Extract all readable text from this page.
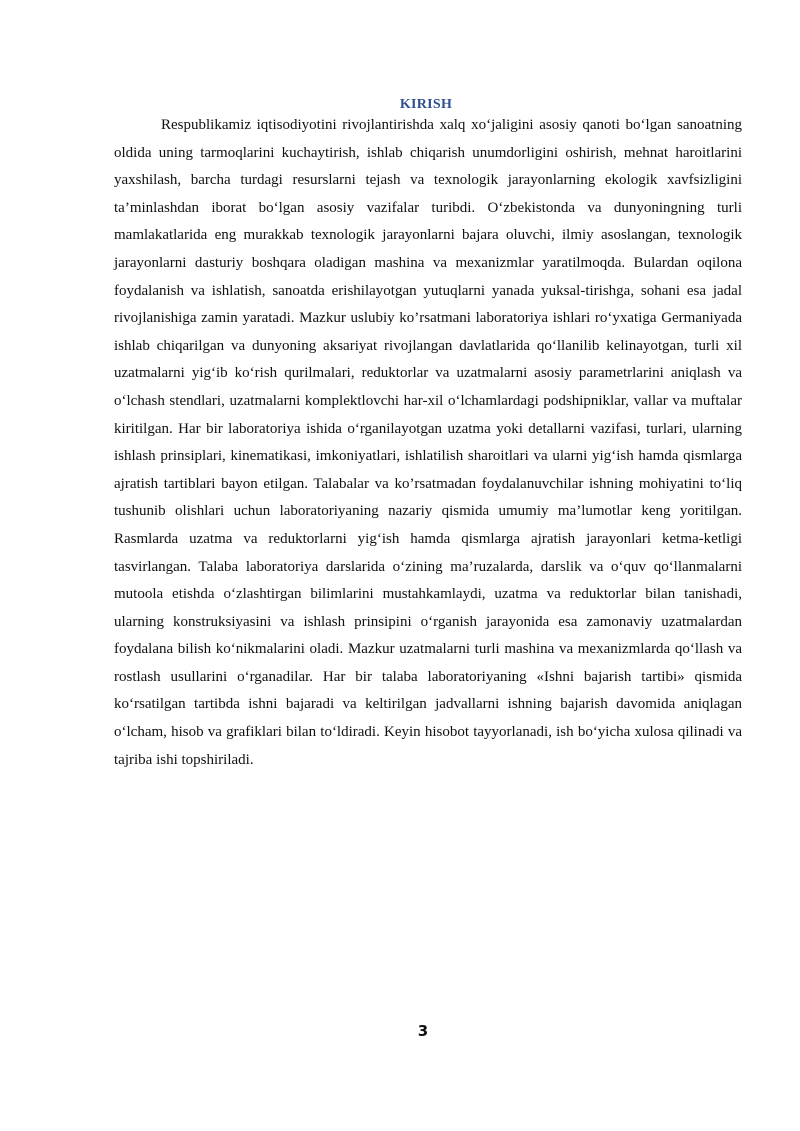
KIRISH

Respublikamiz iqtisodiyotini rivojlantirishda xalq xo‘jaligini asosiy qanoti bo‘lgan sanoatning oldida uning tarmoqlarini kuchaytirish, ishlab chiqarish unumdorligini oshirish, mehnat haroitlarini yaxshilash, barcha turdagi resurslarni tejash va texnologik jarayonlarning ekologik xavfsizligini ta’minlashdan iborat bo‘lgan asosiy vazifalar turibdi. O‘zbekistonda va dunyoningning turli mamlakatlarida eng murakkab texnologik jarayonlarni bajara oluvchi, ilmiy asoslangan, texnologik jarayonlarni dasturiy boshqara oladigan mashina va mexanizmlar yaratilmoqda. Bulardan oqilona foydalanish va ishlatish, sanoatda erishilayotgan yutuqlarni yanada yuksal-tirishga, sohani esa jadal rivojlanishiga zamin yaratadi. Mazkur uslubiy ko’rsatmani laboratoriya ishlari ro‘yxatiga Germaniyada ishlab chiqarilgan va dunyoning aksariyat rivojlangan davlatlarida qo‘llanilib kelinayotgan, turli xil uzatmalarni yig‘ib ko‘rish qurilmalari, reduktorlar va uzatmalarni asosiy parametrlarini aniqlash va o‘lchash stendlari, uzatmalarni komplektlovchi har-xil o‘lchamlardagi podshipniklar, vallar va muftalar kiritilgan. Har bir laboratoriya ishida o‘rganilayotgan uzatma yoki detallarni vazifasi, turlari, ularning ishlash prinsiplari, kinematikasi, imkoniyatlari, ishlatilish sharoitlari va ularni yig‘ish hamda qismlarga ajratish tartiblari bayon etilgan. Talabalar va ko’rsatmadan foydalanuvchilar ishning mohiyatini to‘liq tushunib olishlari uchun laboratoriyaning nazariy qismida umumiy ma’lumotlar keng yoritilgan. Rasmlarda uzatma va reduktorlarni yig‘ish hamda qismlarga ajratish jarayonlari ketma-ketligi tasvirlangan. Talaba laboratoriya darslarida o‘zining ma’ruzalarda, darslik va o‘quv qo‘llanmalarni mutoola etishda o‘zlashtirgan bilimlarini mustahkamlaydi, uzatma va reduktorlar bilan tanishadi, ularning konstruksiyasini va ishlash prinsipini o‘rganish jarayonida esa zamonaviy uzatmalardan foydalana bilish ko‘nikmalarini oladi. Mazkur uzatmalarni turli mashina va mexanizmlarda qo‘llash va rostlash usullarini o‘rganadilar. Har bir talaba laboratoriyaning «Ishni bajarish tartibi» qismida ko‘rsatilgan tartibda ishni bajaradi va keltirilgan jadvallarni ishning bajarish davomida aniqlagan o‘lcham, hisob va grafiklari bilan to‘ldiradi. Keyin hisobot tayyorlanadi, ish bo‘yicha xulosa qilinadi va tajriba ishi topshiriladi.

3
